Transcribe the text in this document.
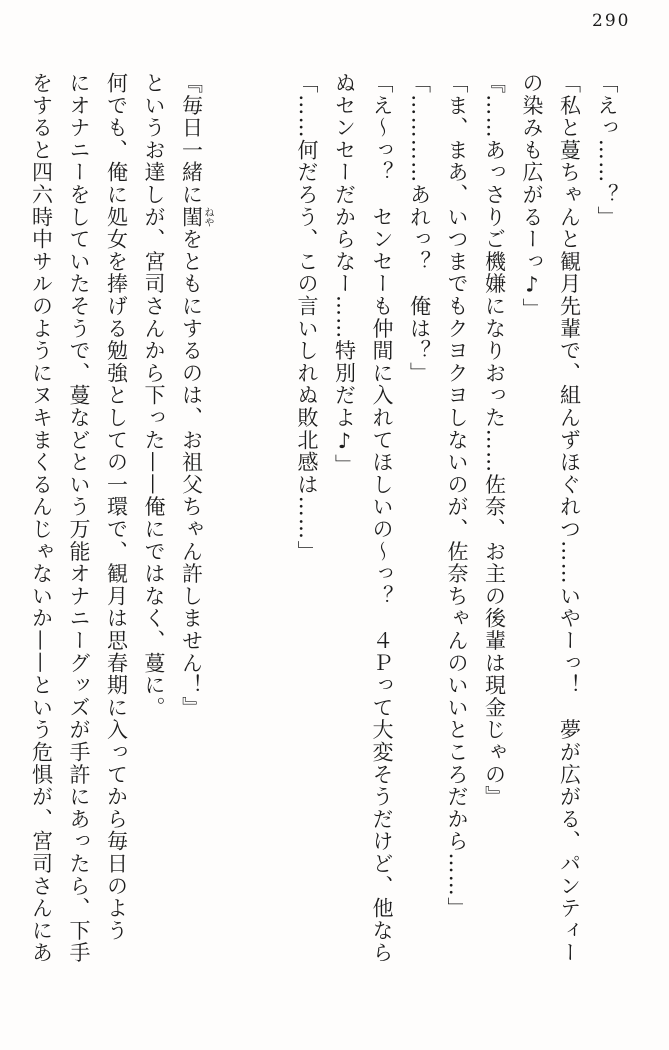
290
「えっ……？」
「私と蔓ちゃんと観月先輩で、組んずほぐれつ……いやーっ！　夢が広がる、パンティー
の染みも広がるーっ♪」
『……あっさりご機嫌になりおった……佐奈、お主の後輩は現金じゃの』
「ま、まあ、いつまでもクヨクヨしないのが、佐奈ちゃんのいいところだから……」
「…………あれっ？　俺は？」
「え～っ？　センセーも仲間に入れてほしいの～っ？　４Ｐって大変そうだけど、他なら
ぬセンセーだからなー……特別だよ♪」
「……何だろう、この言いしれぬ敗北感は……」
『毎日一緒に閨ねやをともにするのは、お祖父ちゃん許しません！』
というお達しが、宮司さんから下った——俺にではなく、蔓に。
何でも、俺に処女を捧げる勉強としての一環で、観月は思春期に入ってから毎日のよう
にオナニーをしていたそうで、蔓などという万能オナニーグッズが手許にあったら、下手
をすると四六時中サルのようにヌキまくるんじゃないか——という危惧が、宮司さんにあ
